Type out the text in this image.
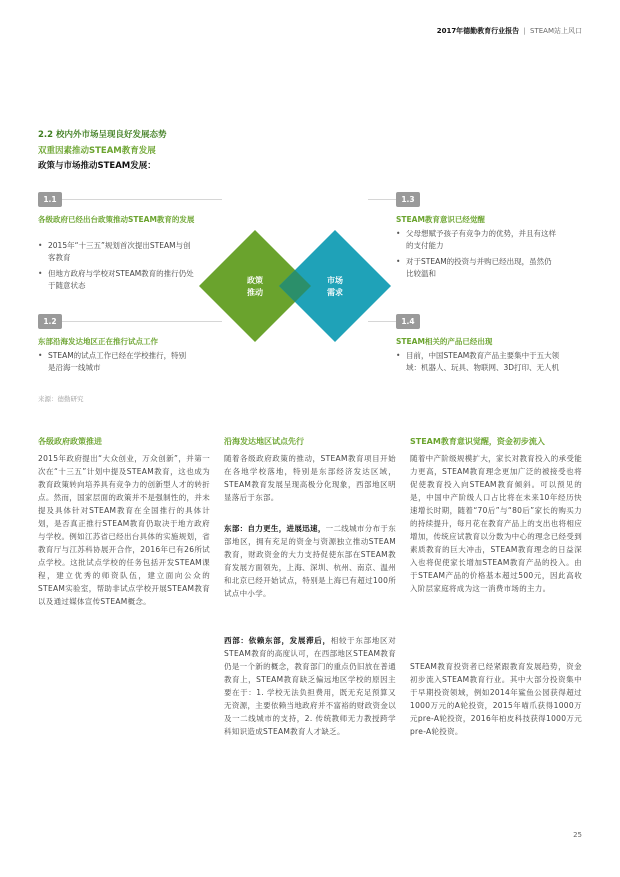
2017年德勤教育行业报告 | STEAM站上风口
2.2 校内外市场呈现良好发展态势
双重因素推动STEAM教育发展
政策与市场推动STEAM发展：
1.1
各级政府已经出台政策推动STEAM教育的发展
• 2015年“十三五”规划首次提出STEAM与创客教育
• 但地方政府与学校对STEAM教育的推行仍处于随意状态
1.2
东部沿海发达地区正在推行试点工作
• STEAM的试点工作已经在学校推行，特别是沿海一线城市
1.3
STEAM教育意识已经觉醒
• 父母想赋予孩子有竞争力的优势，并且有这样的支付能力
• 对于STEAM的投资与并购已经出现，虽然仍比较温和
1.4
STEAM相关的产品已经出现
• 目前，中国STEAM教育产品主要集中于五大领域：机器人、玩具、物联网、3D打印、无人机
政策
推动
市场
需求
来源：德勤研究
各级政府政策推进

2015年政府提出“大众创业，万众创新”，并第一次在“十三五”计划中提及STEAM教育，这也成为教育政策转向培养具有竞争力的创新型人才的转折点。然而，国家层面的政策并不是强制性的，并未提及具体针对STEAM教育在全国推行的具体计划，是否真正推行STEAM教育仍取决于地方政府与学校。例如江苏省已经出台具体的实施规划，省教育厅与江苏科协展开合作，2016年已有26所试点学校。这批试点学校的任务包括开发STEAM课程，建立优秀的师资队伍，建立面向公众的STEAM实验室，帮助非试点学校开展STEAM教育以及通过媒体宣传STEAM概念。

沿海发达地区试点先行

随着各级政府政策的推动，STEAM教育项目开始在各地学校落地，特别是东部经济发达区域，STEAM教育发展呈现高极分化现象，西部地区明显落后于东部。

东部：自力更生，进展迅速，一二线城市分布于东部地区，拥有充足的资金与资源独立推动STEAM教育，财政资金的大力支持促使东部在STEAM教育发展方面领先，上海、深圳、杭州、南京、温州和北京已经开始试点，特别是上海已有超过100所试点中小学。

西部：依赖东部，发展滞后，相较于东部地区对STEAM教育的高度认可，在西部地区STEAM教育仍是一个新的概念，教育部门的重点仍旧放在普通教育上，STEAM教育缺乏偏远地区学校的原因主要在于：1. 学校无法负担费用，既无充足预算又无资源，主要依赖当地政府并不富裕的财政资金以及一二线城市的支持，2. 传统教师无力教授跨学科知识造成STEAM教育人才缺乏。

STEAM教育意识觉醒，资金初步流入

随着中产阶级规模扩大，家长对教育投入的承受能力更高，STEAM教育理念更加广泛的被接受也将促使教育投入向STEAM教育倾斜。可以预见的是，中国中产阶级人口占比将在未来10年经历快速增长时期，随着“70后”与“80后”家长的购买力的持续提升，每月花在教育产品上的支出也将相应增加，传统应试教育以分数为中心的理念已经受到素质教育的巨大冲击，STEAM教育理念的日益深入也将促使家长增加STEAM教育产品的投入。由于STEAM产品的价格基本超过500元，因此高收入阶层家庭将成为这一消费市场的主力。

STEAM教育投资者已经紧跟教育发展趋势，资金初步流入STEAM教育行业。其中大部分投资集中于早期投资领域，例如2014年鲨鱼公园获得超过1000万元的A轮投资，2015年喵爪获得1000万元pre-A轮投资，2016年柏皮科技获得1000万元pre-A轮投资。

25
